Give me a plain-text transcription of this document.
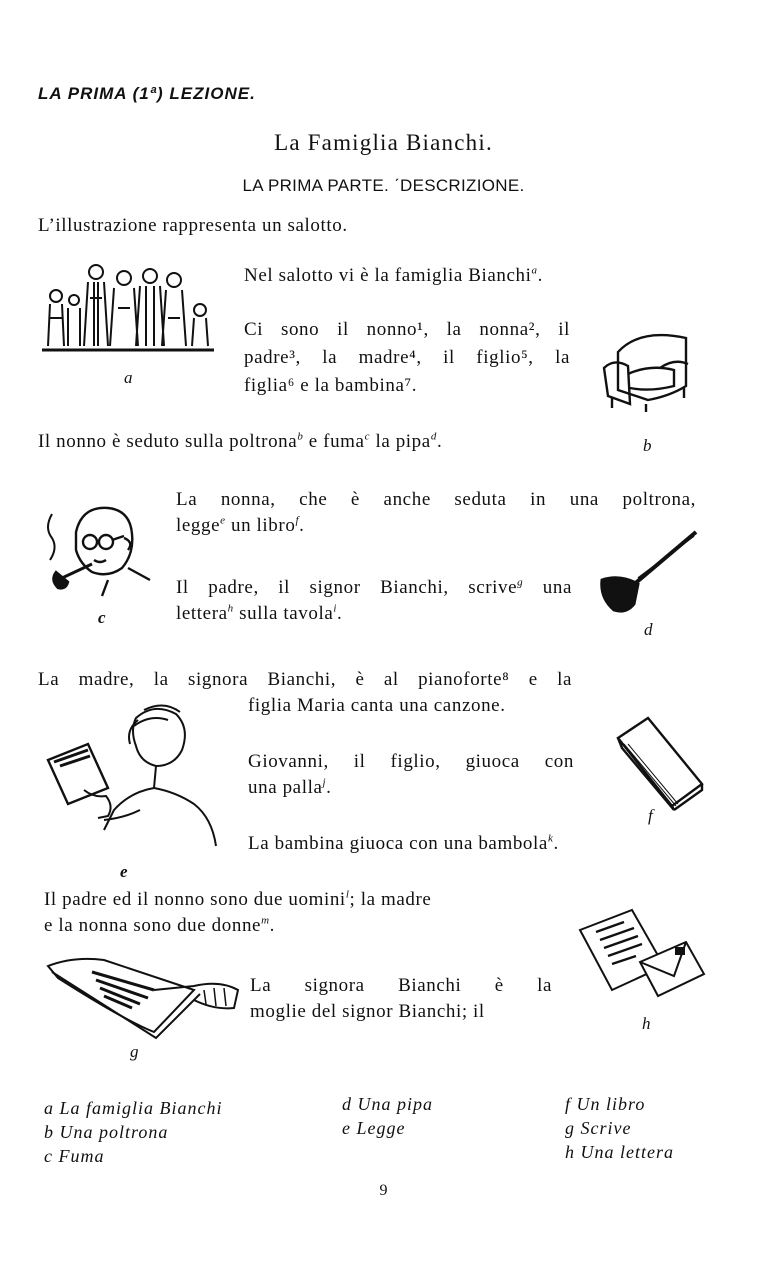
LA PRIMA (1ª) LEZIONE.
La Famiglia Bianchi.
LA PRIMA PARTE. ˊDESCRIZIONE.
L’illustrazione rappresenta un salotto.
a
Nel salotto vi è la famiglia Bianchi$^a$.
Ci sono il nonno¹, la nonna², il
padre³, la madre⁴, il figlio⁵, la
figlia⁶ e la bambina⁷.
b
Il nonno è seduto sulla poltrona$^b$ e fuma$^c$ la pipa$^d$.
c
La nonna, che è anche seduta in una poltrona,
legge$^e$ un libro$^f$.
Il padre, il signor Bianchi, scrive$^g$ una
lettera$^h$ sulla tavola$^i$.
d
La madre, la signora Bianchi, è al pianoforte⁸ e la
figlia Maria canta una canzone.
e
Giovanni, il figlio, giuoca con
una palla$^j$.
f
La bambina giuoca con una bambola$^k$.
Il padre ed il nonno sono due uomini$^l$; la madre
e la nonna sono due donne$^m$.
g
La signora Bianchi è la
moglie del signor Bianchi; il
h
a La famiglia Bianchi
b Una poltrona
c Fuma
d Una pipa
e Legge
f Un libro
g Scrive
h Una lettera
9
